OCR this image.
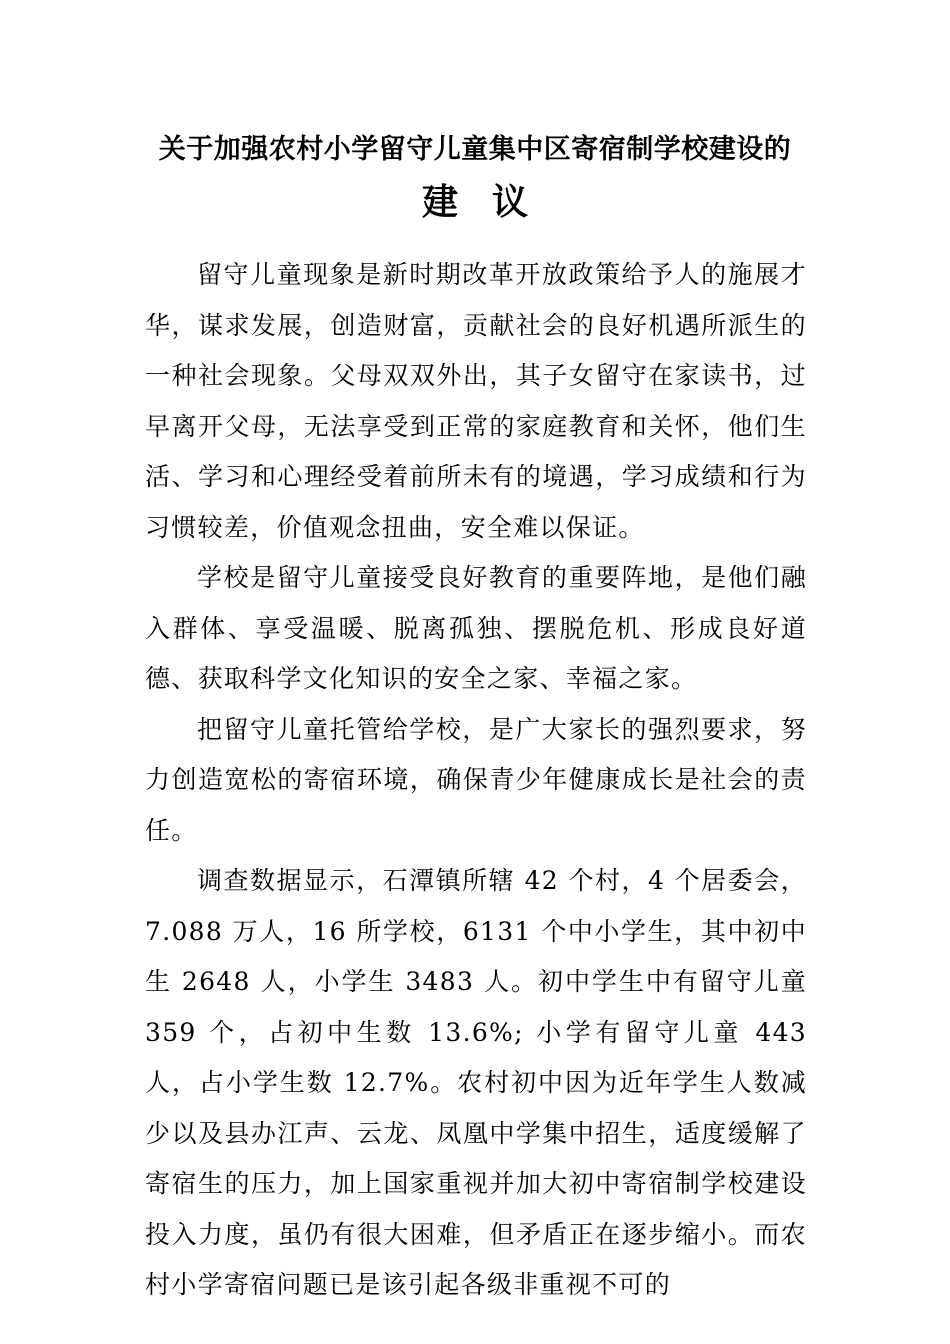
关于加强农村小学留守儿童集中区寄宿制学校建设的
建议

留守儿童现象是新时期改革开放政策给予人的施展才华，谋求发展，创造财富，贡献社会的良好机遇所派生的一种社会现象。父母双双外出，其子女留守在家读书，过早离开父母，无法享受到正常的家庭教育和关怀，他们生活、学习和心理经受着前所未有的境遇，学习成绩和行为习惯较差，价值观念扭曲，安全难以保证。

学校是留守儿童接受良好教育的重要阵地，是他们融入群体、享受温暖、脱离孤独、摆脱危机、形成良好道德、获取科学文化知识的安全之家、幸福之家。

把留守儿童托管给学校，是广大家长的强烈要求，努力创造宽松的寄宿环境，确保青少年健康成长是社会的责任。

调查数据显示，石潭镇所辖 42 个村，4 个居委会，7.088 万人，16 所学校，6131 个中小学生，其中初中生 2648 人，小学生 3483 人。初中学生中有留守儿童 359 个，占初中生数 13.6%; 小学有留守儿童 443 人，占小学生数 12.7%。农村初中因为近年学生人数减少以及县办江声、云龙、凤凰中学集中招生，适度缓解了寄宿生的压力，加上国家重视并加大初中寄宿制学校建设投入力度，虽仍有很大困难，但矛盾正在逐步缩小。而农村小学寄宿问题已是该引起各级非重视不可的
